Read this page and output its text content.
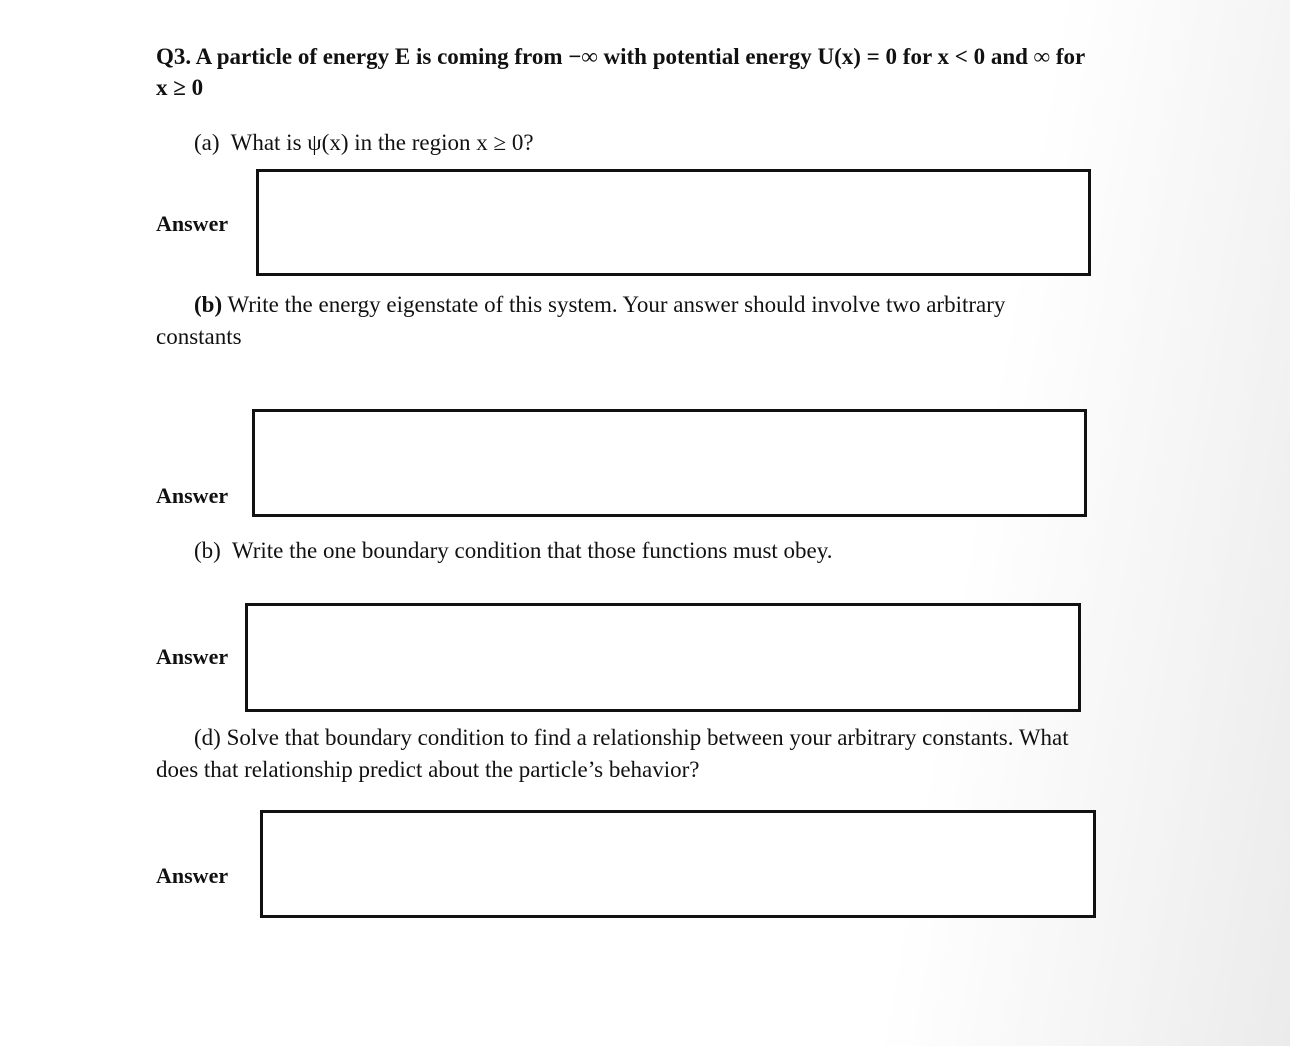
Q3. A particle of energy E is coming from −∞ with potential energy U(x) = 0 for x < 0 and ∞ for
x ≥ 0
(a) What is ψ(x) in the region x ≥ 0?
Answer
(b) Write the energy eigenstate of this system. Your answer should involve two arbitrary
constants
Answer
(b) Write the one boundary condition that those functions must obey.
Answer
(d) Solve that boundary condition to find a relationship between your arbitrary constants. What
does that relationship predict about the particle’s behavior?
Answer
